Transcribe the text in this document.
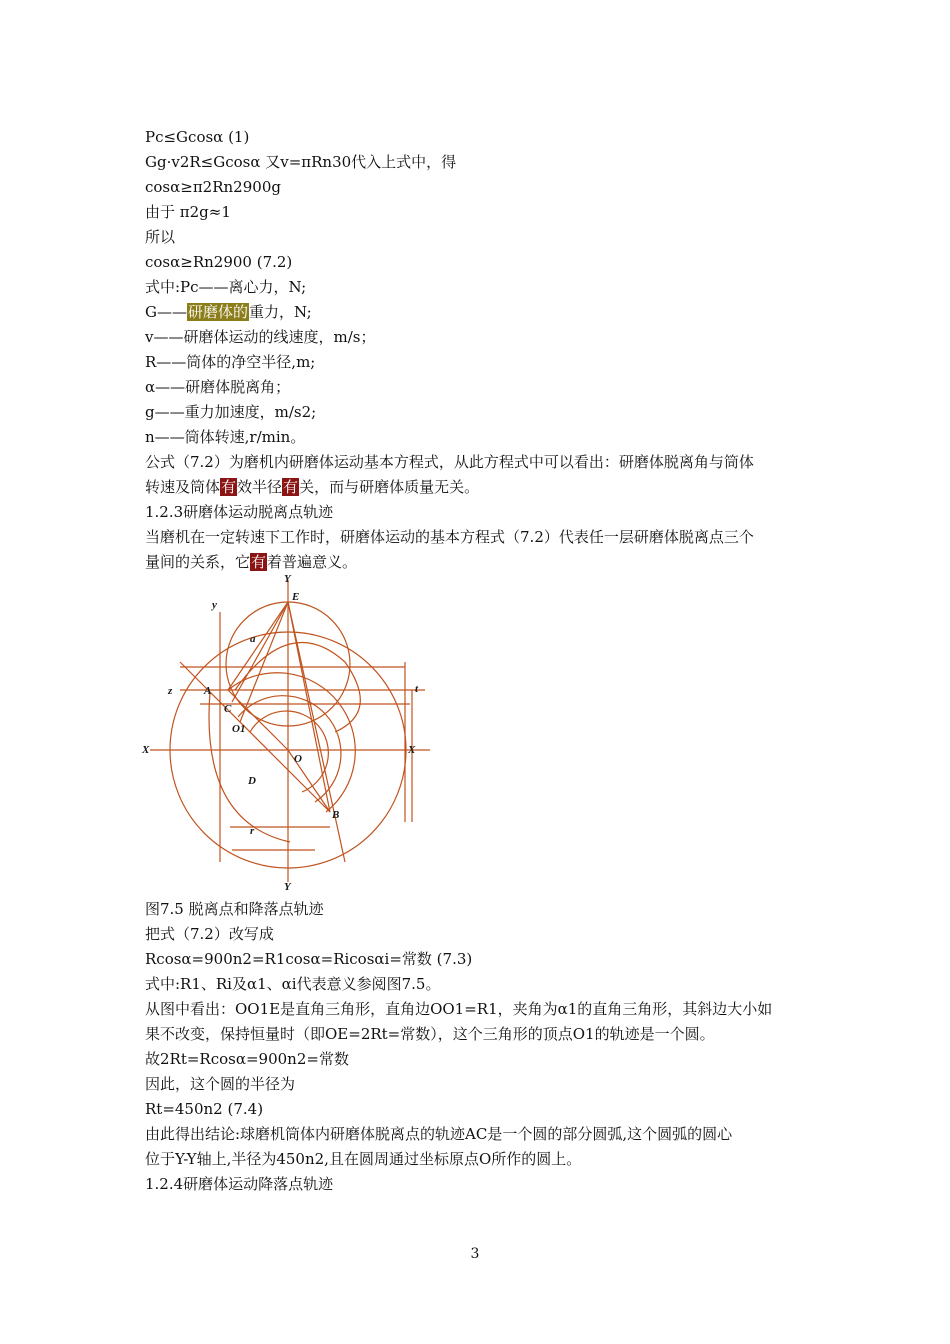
Pc≤Gcosα (1)
Gg·v2R≤Gcosα 又v=πRn30代入上式中，得
cosα≥π2Rn2900g
由于 π2g≈1
所以
cosα≥Rn2900 (7.2)
式中:Pc——离心力，N;
G——研磨体的重力，N;
v——研磨体运动的线速度，m/s；
R——筒体的净空半径,m;
α——研磨体脱离角；
g——重力加速度，m/s2;
n——筒体转速,r/min。
公式（7.2）为磨机内研磨体运动基本方程式，从此方程式中可以看出：研磨体脱离角与筒体
转速及筒体有效半径有关，而与研磨体质量无关。
1.2.3研磨体运动脱离点轨迹
当磨机在一定转速下工作时，研磨体运动的基本方程式（7.2）代表任一层研磨体脱离点三个
量间的关系，它有着普遍意义。
Y
Y
X	X
O
A
B
C
E
D
O1
y
z
a
r
t
图7.5 脱离点和降落点轨迹
把式（7.2）改写成
Rcosα=900n2=R1cosα=Ricosαi=常数 (7.3)
式中:R1、Ri及α1、αi代表意义参阅图7.5。
从图中看出：OO1E是直角三角形，直角边OO1=R1，夹角为α1的直角三角形，其斜边大小如
果不改变，保持恒量时（即OE=2Rt=常数），这个三角形的顶点O1的轨迹是一个圆。
故2Rt=Rcosα=900n2=常数
因此，这个圆的半径为
Rt=450n2 (7.4)
由此得出结论:球磨机筒体内研磨体脱离点的轨迹AC是一个圆的部分圆弧,这个圆弧的圆心
位于Y-Y轴上,半径为450n2,且在圆周通过坐标原点O所作的圆上。
1.2.4研磨体运动降落点轨迹
3
